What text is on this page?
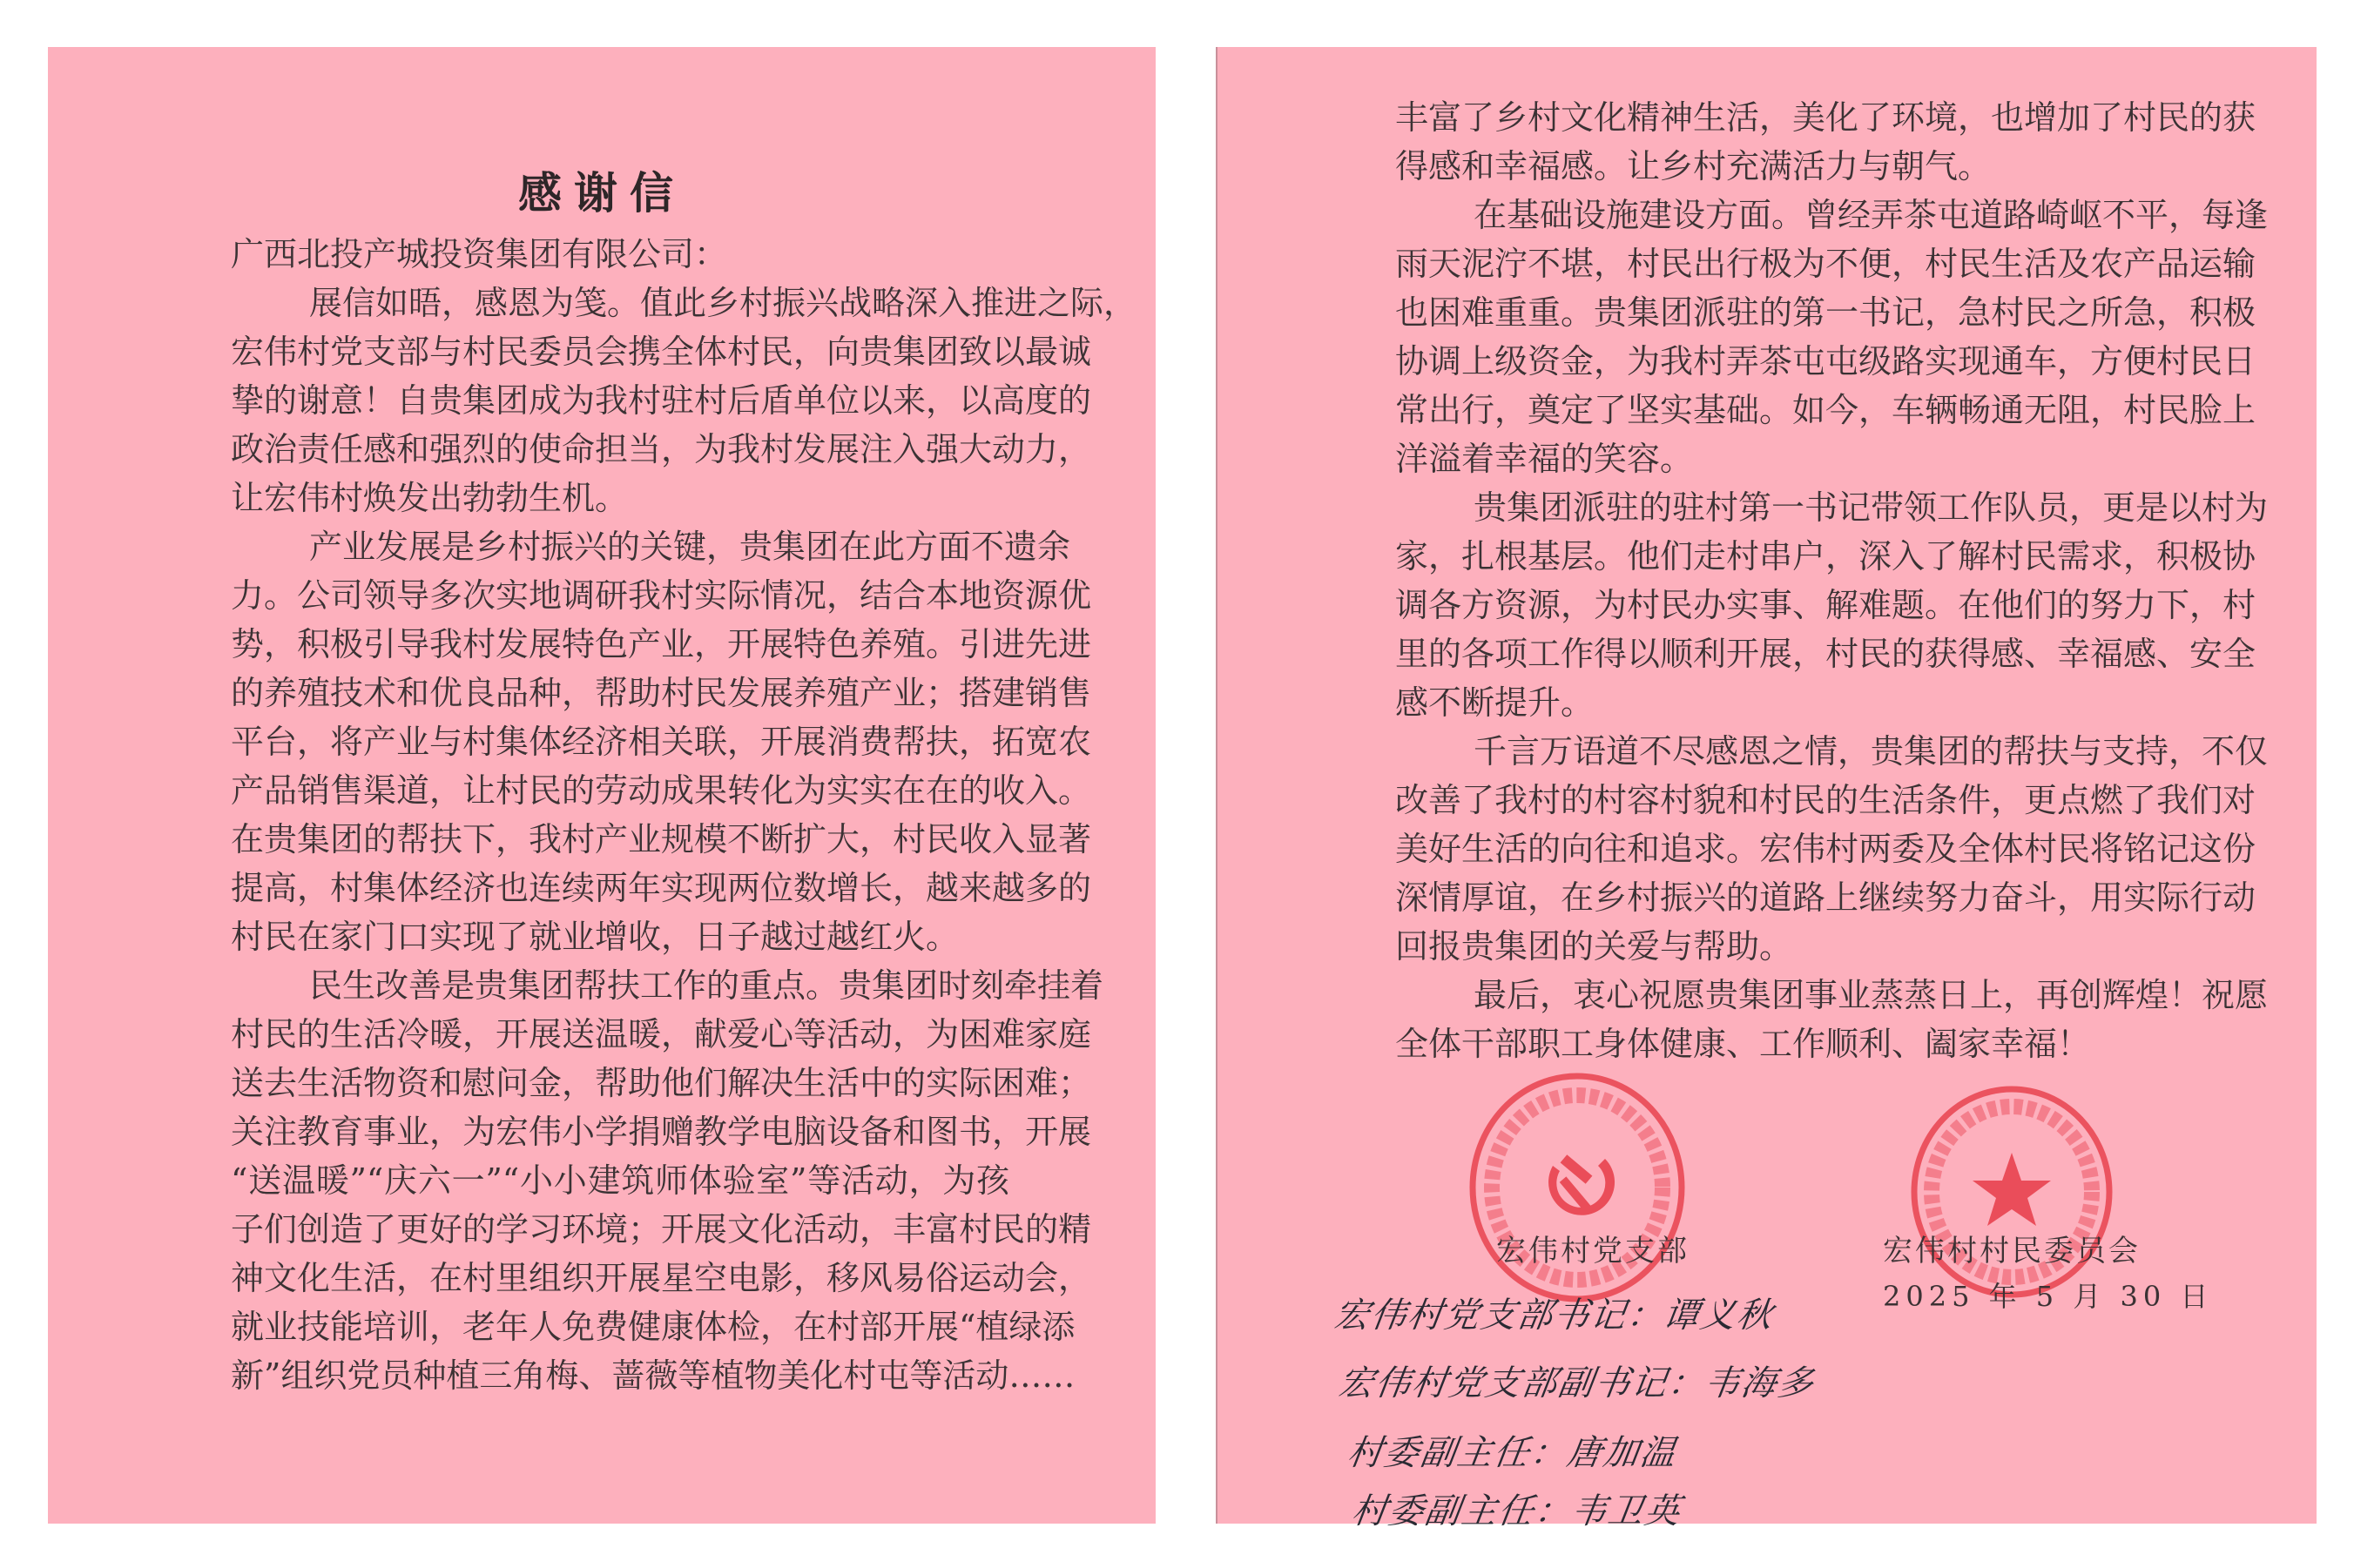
感谢信
广西北投产城投资集团有限公司：
展信如晤，感恩为笺。值此乡村振兴战略深入推进之际，
宏伟村党支部与村民委员会携全体村民，向贵集团致以最诚
挚的谢意！自贵集团成为我村驻村后盾单位以来，以高度的
政治责任感和强烈的使命担当，为我村发展注入强大动力，
让宏伟村焕发出勃勃生机。
产业发展是乡村振兴的关键，贵集团在此方面不遗余
力。公司领导多次实地调研我村实际情况，结合本地资源优
势，积极引导我村发展特色产业，开展特色养殖。引进先进
的养殖技术和优良品种，帮助村民发展养殖产业；搭建销售
平台，将产业与村集体经济相关联，开展消费帮扶，拓宽农
产品销售渠道，让村民的劳动成果转化为实实在在的收入。
在贵集团的帮扶下，我村产业规模不断扩大，村民收入显著
提高，村集体经济也连续两年实现两位数增长，越来越多的
村民在家门口实现了就业增收，日子越过越红火。
民生改善是贵集团帮扶工作的重点。贵集团时刻牵挂着
村民的生活冷暖，开展送温暖，献爱心等活动，为困难家庭
送去生活物资和慰问金，帮助他们解决生活中的实际困难；
关注教育事业，为宏伟小学捐赠教学电脑设备和图书，开展
“送温暖”“庆六一”“小小建筑师体验室”等活动，为孩
子们创造了更好的学习环境；开展文化活动，丰富村民的精
神文化生活，在村里组织开展星空电影，移风易俗运动会，
就业技能培训，老年人免费健康体检，在村部开展“植绿添
新”组织党员种植三角梅、蔷薇等植物美化村屯等活动……
丰富了乡村文化精神生活，美化了环境，也增加了村民的获
得感和幸福感。让乡村充满活力与朝气。
在基础设施建设方面。曾经弄茶屯道路崎岖不平，每逢
雨天泥泞不堪，村民出行极为不便，村民生活及农产品运输
也困难重重。贵集团派驻的第一书记，急村民之所急，积极
协调上级资金，为我村弄茶屯屯级路实现通车，方便村民日
常出行，奠定了坚实基础。如今，车辆畅通无阻，村民脸上
洋溢着幸福的笑容。
贵集团派驻的驻村第一书记带领工作队员，更是以村为
家，扎根基层。他们走村串户，深入了解村民需求，积极协
调各方资源，为村民办实事、解难题。在他们的努力下，村
里的各项工作得以顺利开展，村民的获得感、幸福感、安全
感不断提升。
千言万语道不尽感恩之情，贵集团的帮扶与支持，不仅
改善了我村的村容村貌和村民的生活条件，更点燃了我们对
美好生活的向往和追求。宏伟村两委及全体村民将铭记这份
深情厚谊，在乡村振兴的道路上继续努力奋斗，用实际行动
回报贵集团的关爱与帮助。
最后，衷心祝愿贵集团事业蒸蒸日上，再创辉煌！祝愿
全体干部职工身体健康、工作顺利、阖家幸福！
宏伟村党支部	宏伟村村民委员会
2025 年 5 月 30 日
宏伟村党支部书记：谭义秋
宏伟村党支部副书记：韦海多
村委副主任：唐加温
村委副主任：韦卫英
